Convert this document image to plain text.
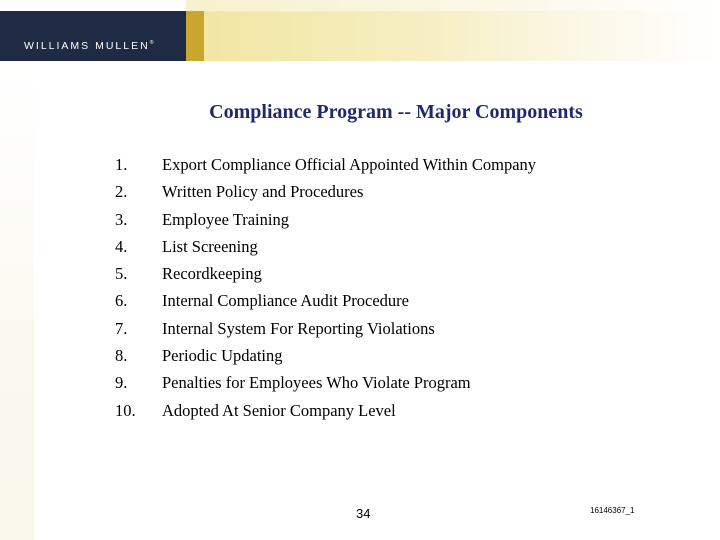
WILLIAMS MULLEN®
Compliance Program -- Major Components
1. Export Compliance Official Appointed Within Company
2. Written Policy and Procedures
3. Employee Training
4. List Screening
5. Recordkeeping
6. Internal Compliance Audit Procedure
7. Internal System For Reporting Violations
8. Periodic Updating
9. Penalties for Employees Who Violate Program
10. Adopted At Senior Company Level
34	16146367_1
